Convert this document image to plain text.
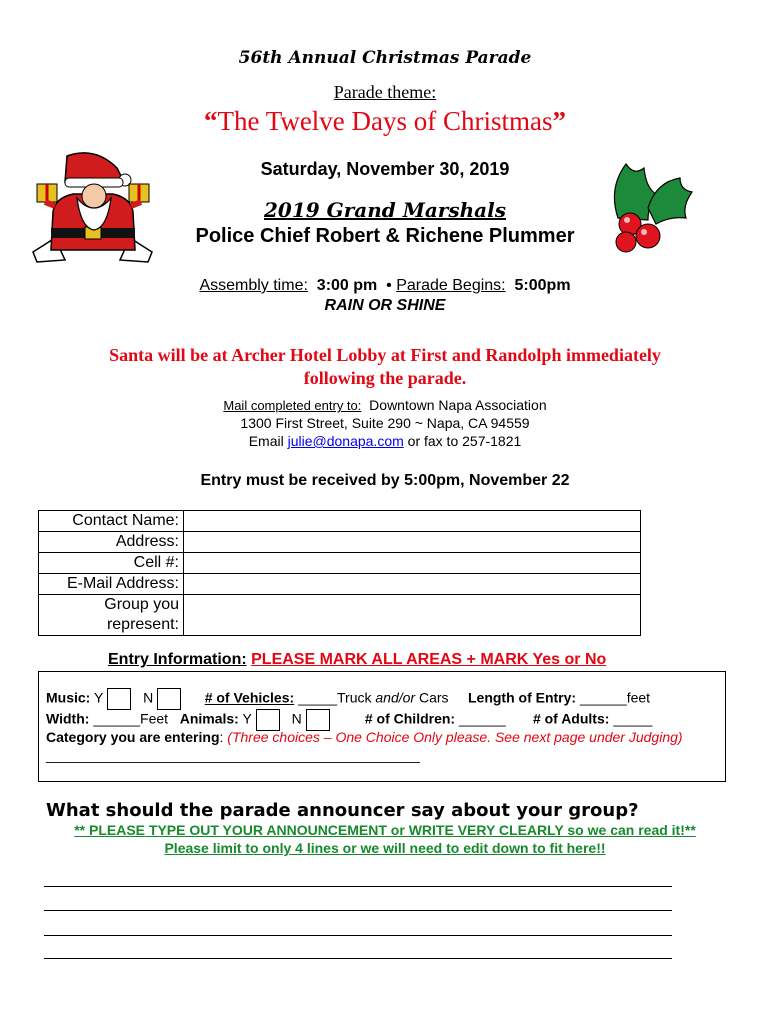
56th Annual Christmas Parade
Parade theme:
“The Twelve Days of Christmas”
Saturday, November 30, 2019
2019 Grand Marshals
Police Chief Robert & Richene Plummer
Assembly time: 3:00 pm • Parade Begins: 5:00pm
RAIN OR SHINE
Santa will be at Archer Hotel Lobby at First and Randolph immediately
following the parade.
Mail completed entry to: Downtown Napa Association
1300 First Street, Suite 290 ~ Napa, CA 94559
Email julie@donapa.com or fax to 257-1821
Entry must be received by 5:00pm, November 22
Contact Name:	
Address:	
Cell #:	
E-Mail Address:	
Group you
represent:	
Entry Information: PLEASE MARK ALL AREAS + MARK Yes or No
Music: Y	N	# of Vehicles: _____Truck and/or Cars Length of Entry: ______feet
Width: ______Feet Animals: Y	N	# of Children: ______ # of Adults: _____
Category you are entering: (Three choices – One Choice Only please. See next page under Judging)
________________________________________________
What should the parade announcer say about your group?
** PLEASE TYPE OUT YOUR ANNOUNCEMENT or WRITE VERY CLEARLY so we can read it!**
Please limit to only 4 lines or we will need to edit down to fit here!!
